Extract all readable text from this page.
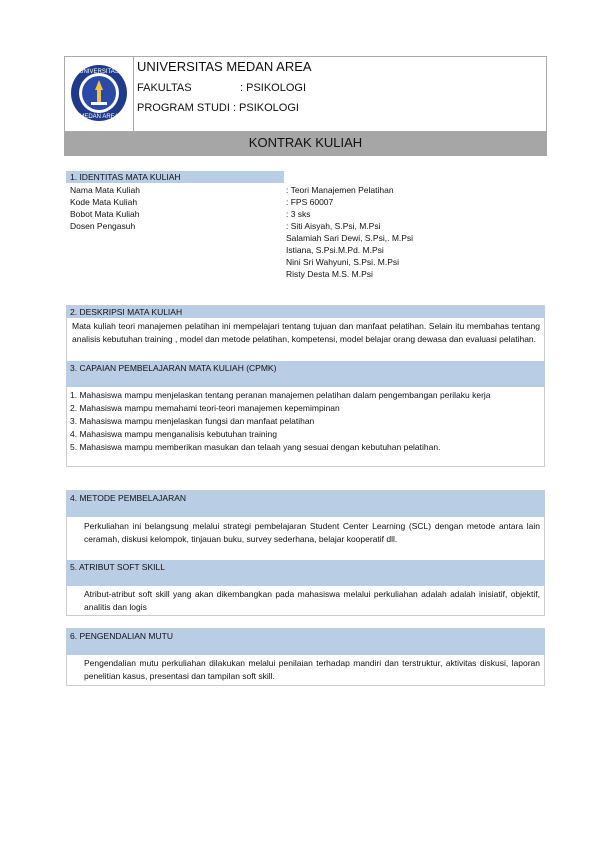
UNIVERSITAS
MEDAN AREA
UNIVERSITAS MEDAN AREA
FAKULTAS	: PSIKOLOGI
PROGRAM STUDI : PSIKOLOGI
KONTRAK KULIAH
1. IDENTITAS MATA KULIAH
Nama Mata Kuliah	: Teori Manajemen Pelatihan
Kode Mata Kuliah	: FPS 60007
Bobot Mata Kuliah	: 3 sks
Dosen Pengasuh	: Siti Aisyah, S.Psi, M.Psi
Salamiah Sari Dewi, S.Psi,. M.Psi
Istiana, S.Psi.M.Pd. M.Psi
Nini Sri Wahyuni, S.Psi. M.Psi
Risty Desta M.S. M.Psi
2. DESKRIPSI MATA KULIAH
Mata kuliah teori manajemen pelatihan ini mempelajari tentang tujuan dan manfaat pelatihan. Selain itu membahas tentang analisis kebutuhan training , model dan metode pelatihan, kompetensi, model belajar orang dewasa dan evaluasi pelatihan.
3. CAPAIAN PEMBELAJARAN MATA KULIAH (CPMK)
1. Mahasiswa mampu menjelaskan tentang peranan manajemen pelatihan dalam pengembangan perilaku kerja
2. Mahasiswa mampu memahami teori-teori manajemen kepemimpinan
3. Mahasiswa mampu menjelaskan fungsi dan manfaat pelatihan
4. Mahasiswa mampu menganalisis kebutuhan training
5. Mahasiswa mampu memberikan masukan dan telaah yang sesuai dengan kebutuhan pelatihan.
4. METODE PEMBELAJARAN
Perkuliahan ini belangsung melalui strategi pembelajaran Student Center Learning (SCL) dengan metode antara lain ceramah, diskusi kelompok, tinjauan buku, survey sederhana, belajar kooperatif dll.
5. ATRIBUT SOFT SKILL
Atribut-atribut soft skill yang akan dikembangkan pada mahasiswa melalui perkuliahan adalah adalah inisiatif, objektif, analitis dan logis
6. PENGENDALIAN MUTU
Pengendalian mutu perkuliahan dilakukan melalui penilaian terhadap mandiri dan terstruktur, aktivitas diskusi, laporan penelitian kasus, presentasi dan tampilan soft skill.
